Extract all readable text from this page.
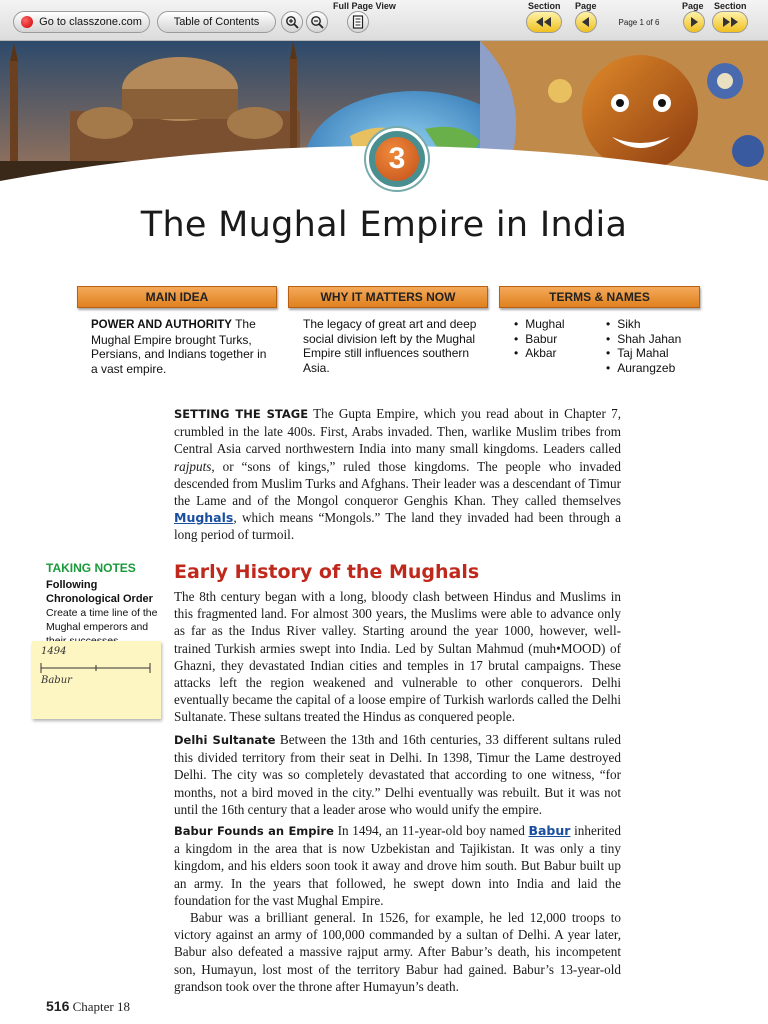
Go to classzone.com	Table of Contents
Full Page View	Section Page
Page 1 of 6
Page Section
3
The Mughal Empire in India
MAIN IDEA	WHY IT MATTERS NOW	TERMS & NAMES
POWER AND AUTHORITY The Mughal Empire brought Turks, Persians, and Indians together in a vast empire.
The legacy of great art and deep social division left by the Mughal Empire still influences southern Asia.
• Mughal
• Babur
• Akbar
• Sikh
• Shah Jahan
• Taj Mahal
• Aurangzeb
SETTING THE STAGE The Gupta Empire, which you read about in Chapter 7, crumbled in the late 400s. First, Arabs invaded. Then, warlike Muslim tribes from Central Asia carved northwestern India into many small kingdoms. Leaders called rajputs, or “sons of kings,” ruled those kingdoms. The people who invaded descended from Muslim Turks and Afghans. Their leader was a descendant of Timur the Lame and of the Mongol conqueror Genghis Khan. They called themselves Mughals, which means “Mongols.” The land they invaded had been through a long period of turmoil.
TAKING NOTES
Following Chronological Order Create a time line of the Mughal emperors and
1494
Babur
Early History of the Mughals
The 8th century began with a long, bloody clash between Hindus and Muslims in this fragmented land. For almost 300 years, the Muslims were able to advance only as far as the Indus River valley. Starting around the year 1000, however, well-trained Turkish armies swept into India. Led by Sultan Mahmud (muh•MOOD) of Ghazni, they devastated Indian cities and temples in 17 brutal campaigns. These attacks left the region weakened and vulnerable to other conquerors. Delhi eventually became the capital of a loose empire of Turkish warlords called the Delhi Sultanate. These sultans treated the Hindus as conquered people.
Delhi Sultanate Between the 13th and 16th centuries, 33 different sultans ruled this divided territory from their seat in Delhi. In 1398, Timur the Lame destroyed Delhi. The city was so completely devastated that according to one witness, “for months, not a bird moved in the city.” Delhi eventually was rebuilt. But it was not until the 16th century that a leader arose who would unify the empire.
Babur Founds an Empire In 1494, an 11-year-old boy named Babur inherited a kingdom in the area that is now Uzbekistan and Tajikistan. It was only a tiny kingdom, and his elders soon took it away and drove him south. But Babur built up an army. In the years that followed, he swept down into India and laid the foundation for the vast Mughal Empire.
Babur was a brilliant general. In 1526, for example, he led 12,000 troops to victory against an army of 100,000 commanded by a sultan of Delhi. A year later, Babur also defeated a massive rajput army. After Babur’s death, his incompetent son, Humayun, lost most of the territory Babur had gained. Babur’s 13-year-old grandson took over the throne after Humayun’s death.
516 Chapter 18
